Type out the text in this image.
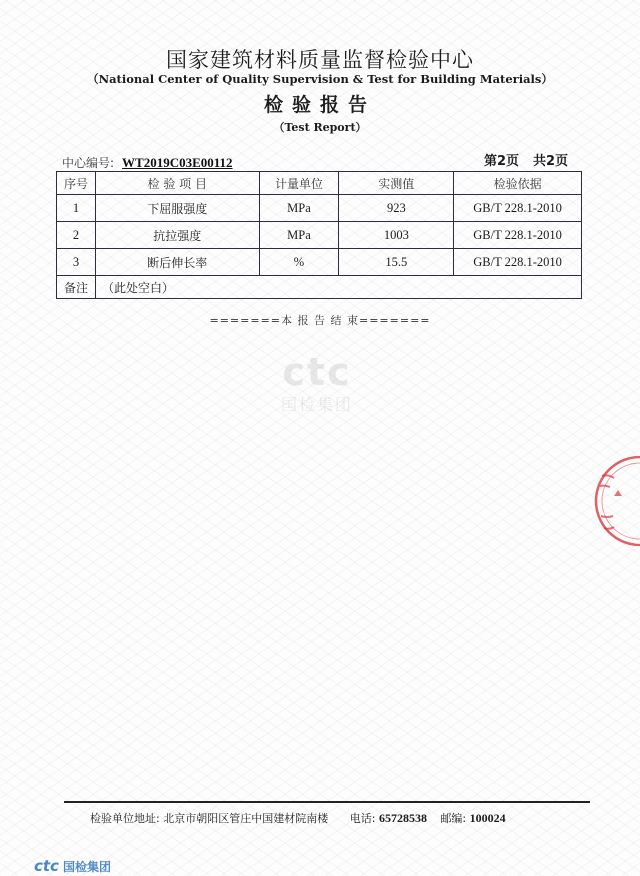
国家建筑材料质量监督检验中心
（National Center of Quality Supervision & Test for Building Materials）
检验报告
（Test Report）
中心编号: WT2019C03E00112	第2页 共2页
序号	检 验 项 目	计量单位	实测值	检验依据
1	下屈服强度	MPa	923	GB/T 228.1-2010
2	抗拉强度	MPa	1003	GB/T 228.1-2010
3	断后伸长率	%	15.5	GB/T 228.1-2010
备注	（此处空白）			
=======本 报 告 结 束=======
ctc
国检集团
检验单位地址: 北京市朝阳区管庄中国建材院南楼 电话: 65728538 邮编: 100024
ctc 国检集团
